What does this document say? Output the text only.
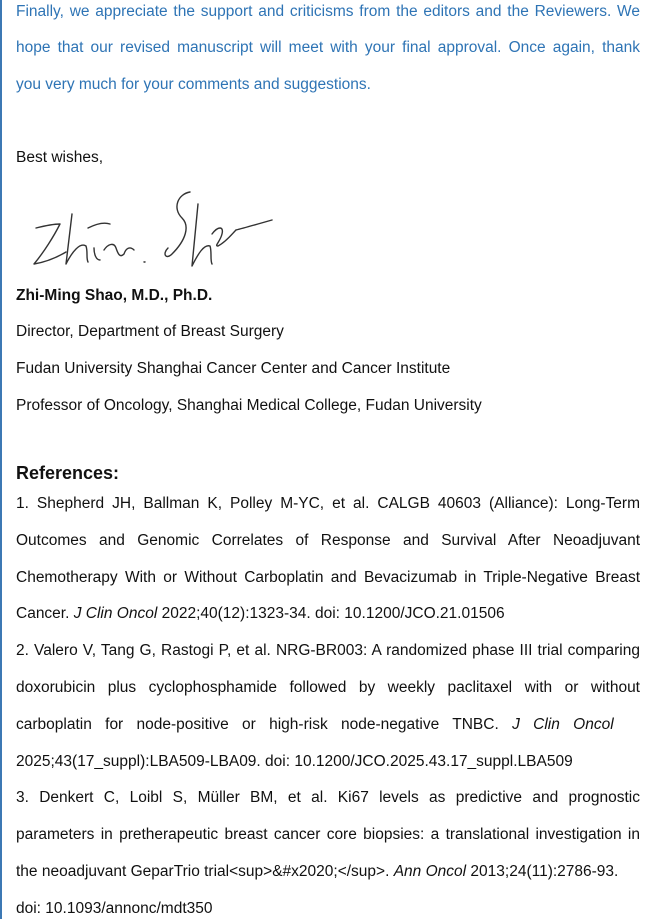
Finally, we appreciate the support and criticisms from the editors and the Reviewers. We
hope that our revised manuscript will meet with your final approval. Once again, thank
you very much for your comments and suggestions.
Best wishes,
Zhi-Ming Shao, M.D., Ph.D.
Director, Department of Breast Surgery
Fudan University Shanghai Cancer Center and Cancer Institute
Professor of Oncology, Shanghai Medical College, Fudan University
References:
1. Shepherd JH, Ballman K, Polley M-YC, et al. CALGB 40603 (Alliance): Long-Term
Outcomes and Genomic Correlates of Response and Survival After Neoadjuvant
Chemotherapy With or Without Carboplatin and Bevacizumab in Triple-Negative Breast
Cancer. J Clin Oncol 2022;40(12):1323-34. doi: 10.1200/JCO.21.01506
2. Valero V, Tang G, Rastogi P, et al. NRG-BR003: A randomized phase III trial comparing
doxorubicin plus cyclophosphamide followed by weekly paclitaxel with or without
carboplatin for node-positive or high-risk node-negative TNBC. J Clin Oncol
2025;43(17_suppl):LBA509-LBA09. doi: 10.1200/JCO.2025.43.17_suppl.LBA509
3. Denkert C, Loibl S, Müller BM, et al. Ki67 levels as predictive and prognostic
parameters in pretherapeutic breast cancer core biopsies: a translational investigation in
the neoadjuvant GeparTrio trial<sup>&#x2020;</sup>. Ann Oncol 2013;24(11):2786-93.
doi: 10.1093/annonc/mdt350
